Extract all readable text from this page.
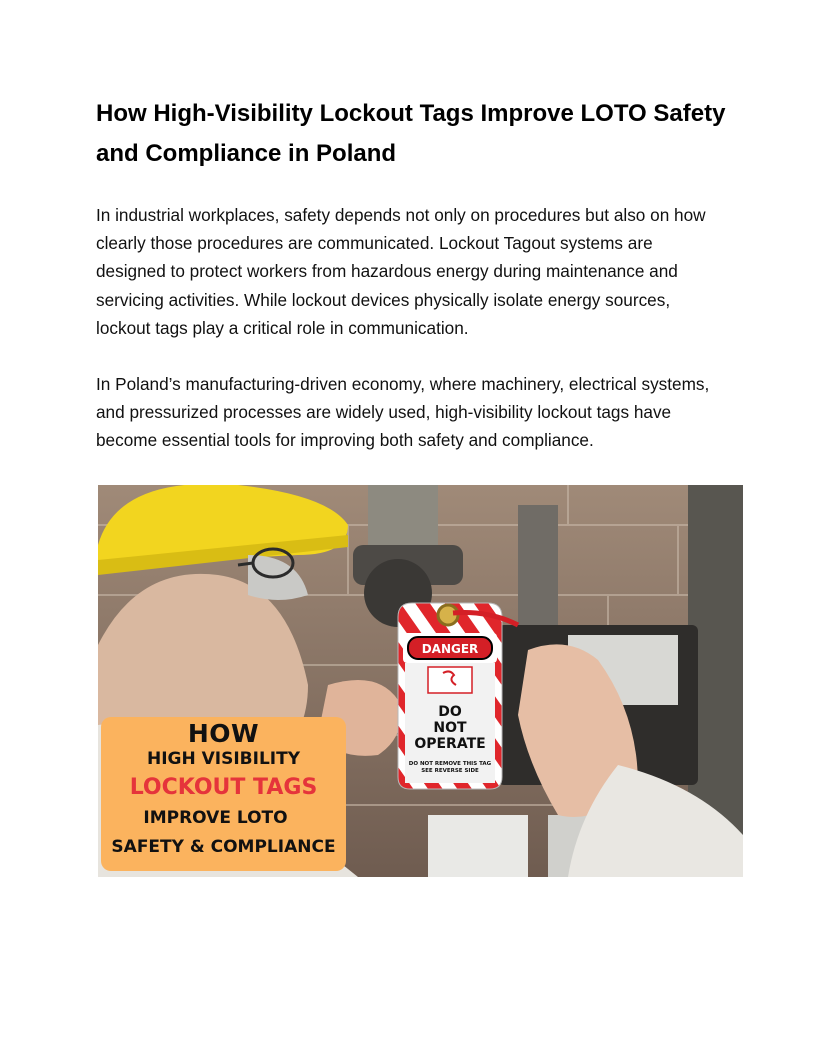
How High-Visibility Lockout Tags Improve LOTO Safety and Compliance in Poland

In industrial workplaces, safety depends not only on procedures but also on how clearly those procedures are communicated. Lockout Tagout systems are designed to protect workers from hazardous energy during maintenance and servicing activities. While lockout devices physically isolate energy sources, lockout tags play a critical role in communication.

In Poland’s manufacturing-driven economy, where machinery, electrical systems, and pressurized processes are widely used, high-visibility lockout tags have become essential tools for improving both safety and compliance.

DANGER
DO
NOT
OPERATE
DO NOT REMOVE THIS TAG
SEE REVERSE SIDE
HOW
HIGH VISIBILITY
LOCKOUT TAGS
IMPROVE LOTO
SAFETY & COMPLIANCE
